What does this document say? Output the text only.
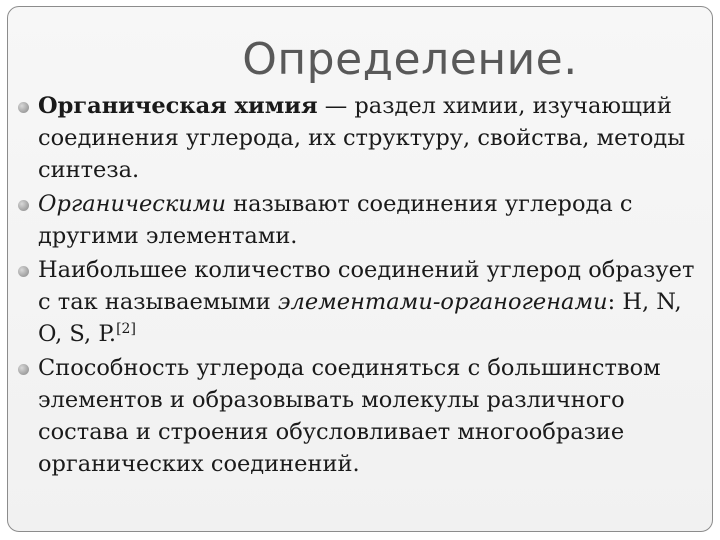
Определение.

Органическая химия — раздел химии, изучающий соединения углерода, их структуру, свойства, методы синтеза.

Органическими называют соединения углерода с другими элементами.

Наибольшее количество соединений углерод образует с так называемыми элементами-органогенами: H, N, O, S, P.[2]

Способность углерода соединяться с большинством элементов и образовывать молекулы различного состава и строения обусловливает многообразие органических соединений.
